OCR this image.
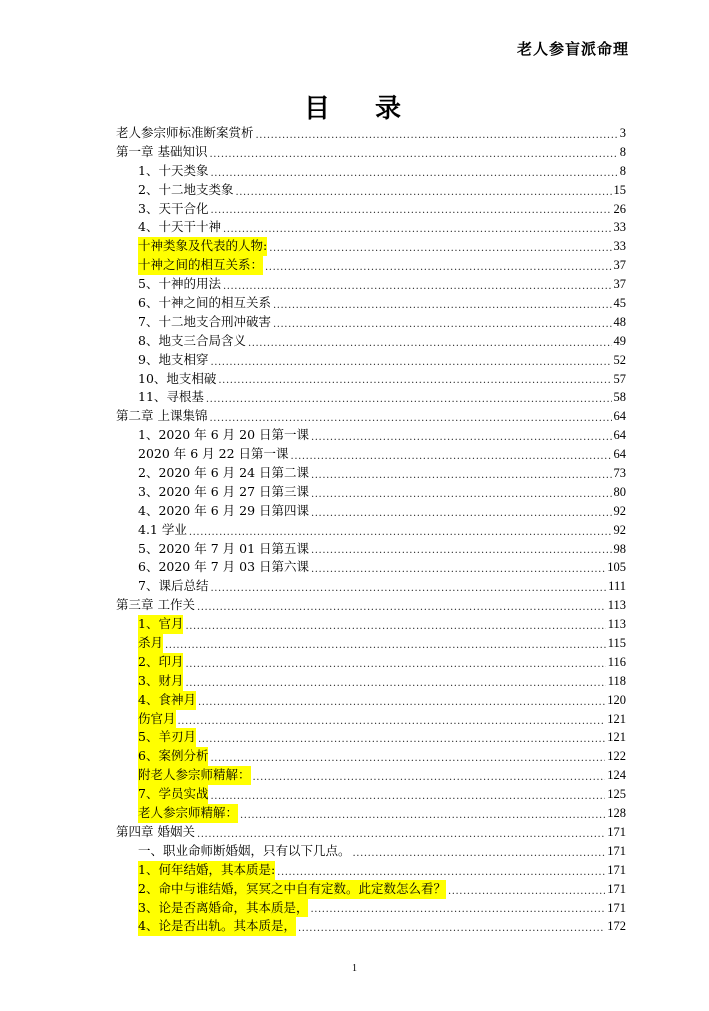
老人参盲派命理
目 录
老人参宗师标准断案赏析 .....	3
第一章 基础知识 .....	8
1、十天类象 .....	8
2、十二地支类象 .....	15
3、天干合化 .....	26
4、十天干十神 .....	33
十神类象及代表的人物: .....	33
十神之间的相互关系： .....	37
5、十神的用法 .....	37
6、十神之间的相互关系 .....	45
7、十二地支合刑冲破害 .....	48
8、地支三合局含义 .....	49
9、地支相穿 .....	52
10、地支相破 .....	57
11、寻根基 .....	58
第二章 上课集锦 .....	64
1、2020 年 6 月 20 日第一课 .....	64
2020 年 6 月 22 日第一课 .....	64
2、2020 年 6 月 24 日第二课 .....	73
3、2020 年 6 月 27 日第三课 .....	80
4、2020 年 6 月 29 日第四课 .....	92
4.1 学业 .....	92
5、2020 年 7 月 01 日第五课 .....	98
6、2020 年 7 月 03 日第六课 .....	105
7、课后总结 .....	111
第三章 工作关 .....	113
1、官月 .....	113
杀月 .....	115
2、印月 .....	116
3、财月 .....	118
4、食神月 .....	120
伤官月 .....	121
5、羊刃月 .....	121
6、案例分析 .....	122
附老人参宗师精解： .....	124
7、学员实战 .....	125
老人参宗师精解： .....	128
第四章 婚姻关 .....	171
一、职业命师断婚姻，只有以下几点。 .....	171
1、何年结婚，其本质是: .....	171
2、命中与谁结婚，冥冥之中自有定数。此定数怎么看？ .....	171
3、论是否离婚命，其本质是， .....	171
4、论是否出轨。其本质是， .....	172
1
